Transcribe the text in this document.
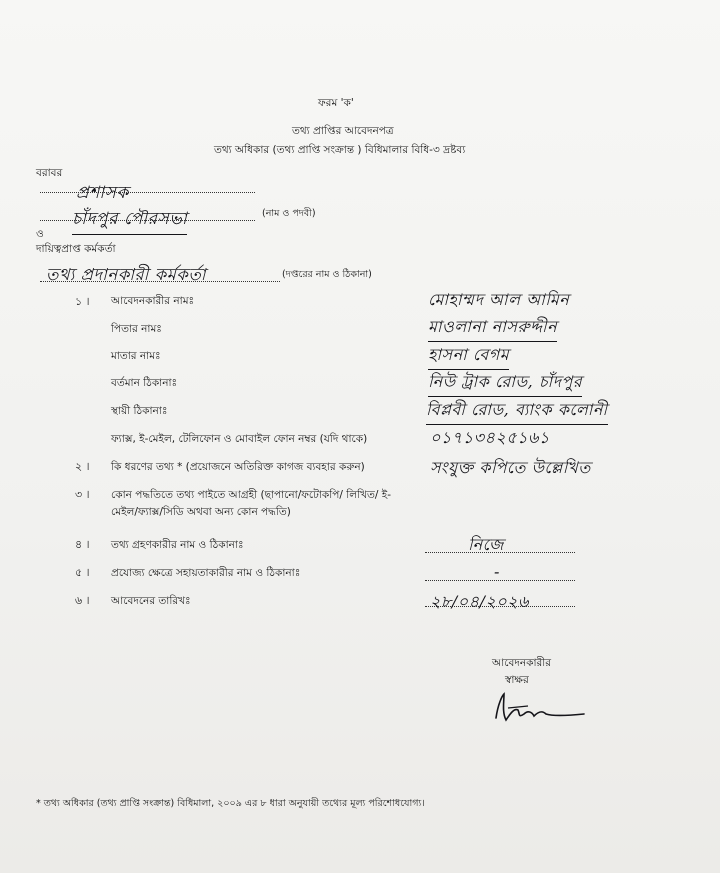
ফরম 'ক'
তথ্য প্রাপ্তির আবেদনপত্র
তথ্য অধিকার (তথ্য প্রাপ্তি সংক্রান্ত ) বিধিমালার বিধি-৩ দ্রষ্টব্য
বরাবর
প্রশাসক
চাঁদপুর পৌরসভা	(নাম ও পদবী)
ও
দায়িত্বপ্রাপ্ত কর্মকর্তা
তথ্য প্রদানকারী কর্মকর্তা	(দপ্তরের নাম ও ঠিকানা)
১ । আবেদনকারীর নামঃ
পিতার নামঃ
মাতার নামঃ
বর্তমান ঠিকানাঃ
স্থায়ী ঠিকানাঃ
ফ্যাক্স, ই-মেইল, টেলিফোন ও মোবাইল ফোন নম্বর (যদি থাকে)
২ । কি ধরণের তথ্য * (প্রয়োজনে অতিরিক্ত কাগজ ব্যবহার করুন)
৩ । কোন পদ্ধতিতে তথ্য পাইতে আগ্রহী (ছাপানো/ফটোকপি/ লিখিত/ ই-
মেইল/ফ্যাক্স/সিডি অথবা অন্য কোন পদ্ধতি)
৪ । তথ্য গ্রহণকারীর নাম ও ঠিকানাঃ
৫ । প্রযোজ্য ক্ষেত্রে সহায়তাকারীর নাম ও ঠিকানাঃ
৬ । আবেদনের তারিখঃ
মোহাম্মদ আল আমিন
মাওলানা নাসরুদ্দীন
হাসনা বেগম
নিউ ট্রাক রোড, চাঁদপুর
বিপ্লবী রোড, ব্যাংক কলোনী
০১৭১৩৪২৫১৬১
সংযুক্ত কপিতে উল্লেখিত
নিজে
-
২৮/০৪/২০২৬
আবেদনকারীর
স্বাক্ষর
* তথ্য অধিকার (তথ্য প্রাপ্তি সংক্রান্ত) বিধিমালা, ২০০৯ এর ৮ ধারা অনুযায়ী তথ্যের মূল্য পরিশোধযোগ্য।
